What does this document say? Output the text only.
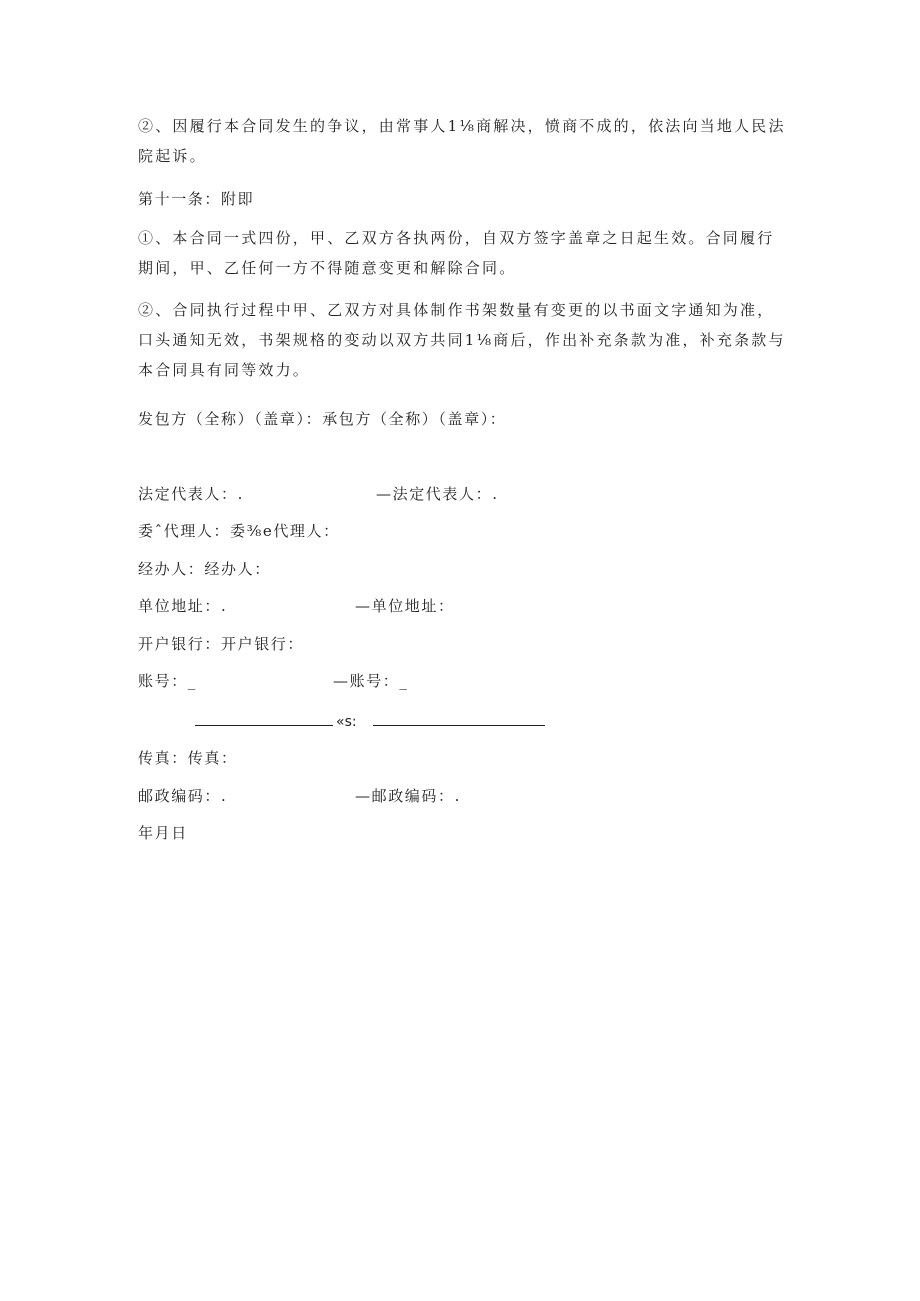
②、因履行本合同发生的争议，由常事人1⅛商解决，愤商不成的，依法向当地人民法院起诉。

第十一条：附即

①、本合同一式四份，甲、乙双方各执两份，自双方签字盖章之日起生效。合同履行期间，甲、乙任何一方不得随意变更和解除合同。

②、合同执行过程中甲、乙双方对具体制作书架数量有变更的以书面文字通知为准，口头通知无效，书架规格的变动以双方共同1⅛商后，作出补充条款为准，补充条款与本合同具有同等效力。

发包方（全称）（盖章）：承包方（全称）（盖章）：
法定代表人：.	—法定代表人：.
委ˆ代理人：委⅜e代理人：
经办人：经办人：
单位地址：.	—单位地址：
开户银行：开户银行：
账号：_	—账号：_
«s:
传真：传真：
邮政编码：.	—邮政编码：.
年月日
